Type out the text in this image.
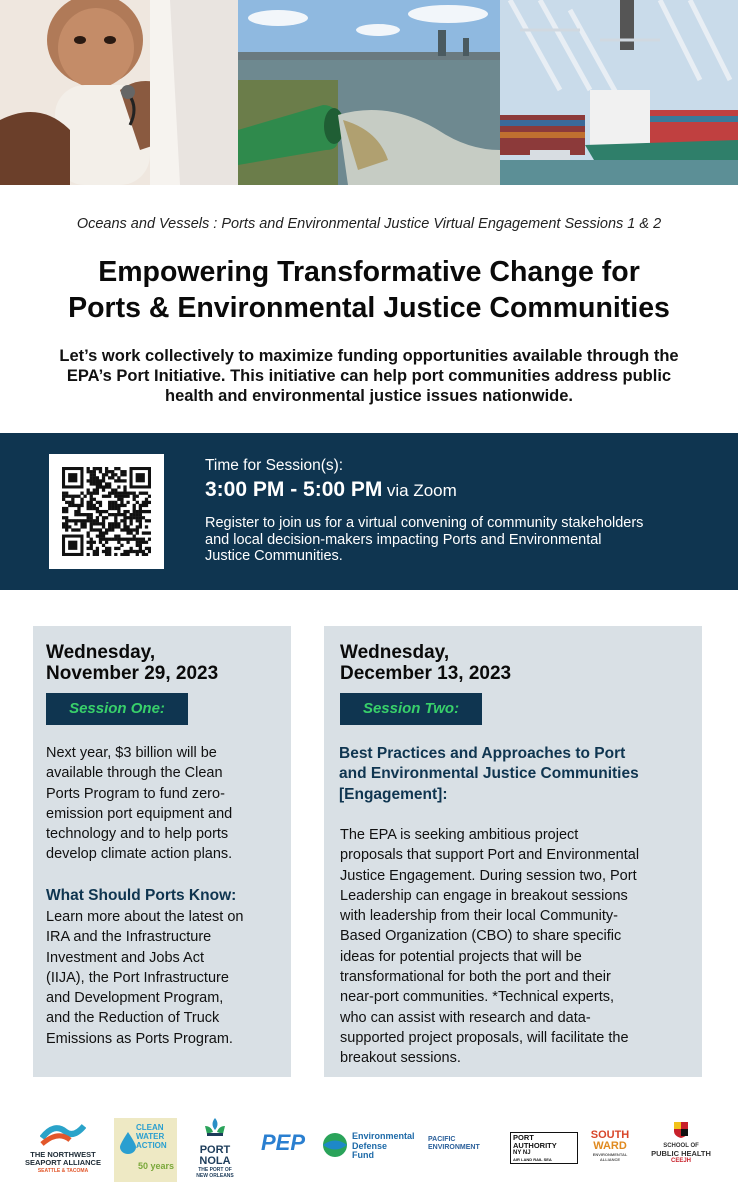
Oceans and Vessels : Ports and Environmental Justice Virtual Engagement Sessions 1 & 2
Empowering Transformative Change for
Ports & Environmental Justice Communities

Let’s work collectively to maximize funding opportunities available through the
EPA’s Port Initiative. This initiative can help port communities address public
health and environmental justice issues nationwide.

Time for Session(s):
3:00 PM - 5:00 PM via Zoom

Register to join us for a virtual convening of community stakeholders
and local decision-makers impacting Ports and Environmental
Justice Communities.

Wednesday,
November 29, 2023

Session One:

Next year, $3 billion will be
available through the Clean
Ports Program to fund zero-
emission port equipment and
technology and to help ports
develop climate action plans.

What Should Ports Know:

Learn more about the latest on
IRA and the Infrastructure
Investment and Jobs Act
(IIJA), the Port Infrastructure
and Development Program,
and the Reduction of Truck
Emissions as Ports Program.

Wednesday,
December 13, 2023

Session Two:

Best Practices and Approaches to Port
and Environmental Justice Communities
[Engagement]:

The EPA is seeking ambitious project
proposals that support Port and Environmental
Justice Engagement. During session two, Port
Leadership can engage in breakout sessions
with leadership from their local Community-
Based Organization (CBO) to share specific
ideas for potential projects that will be
transformational for both the port and their
near-port communities. *Technical experts,
who can assist with research and data-
supported project proposals, will facilitate the
breakout sessions.

THE NORTHWEST
SEAPORT ALLIANCE
SEATTLE & TACOMA
CLEAN
WATER
ACTION
50 years
PORT
NOLA
THE PORT OF
NEW ORLEANS
PEP	Environmental
Defense
Fund
PACIFIC
ENVIRONMENT
PORT
AUTHORITY
NY NJ
AIR LAND RAIL SEA
SOUTH
WARD
ENVIRONMENTAL
ALLIANCE
SCHOOL OF
PUBLIC HEALTH
CEEJH
